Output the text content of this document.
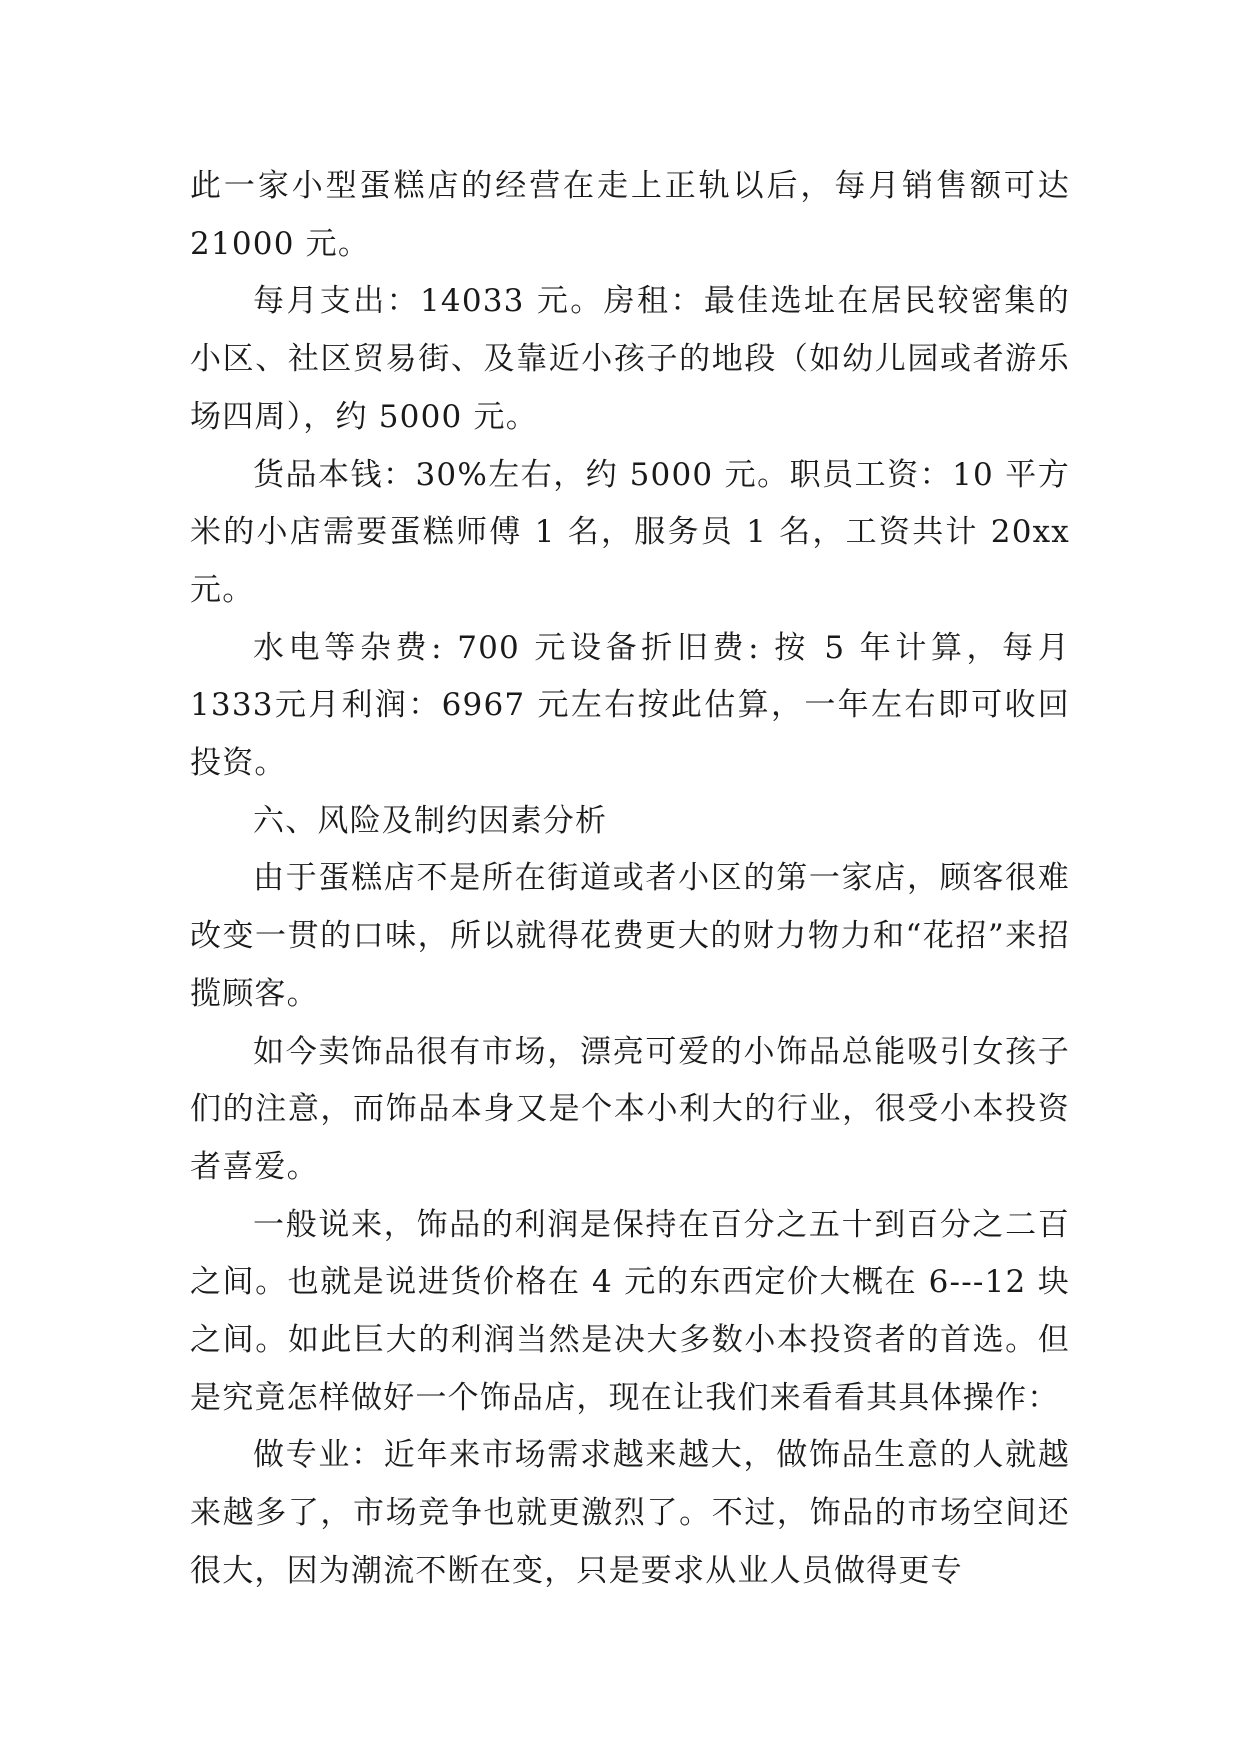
此一家小型蛋糕店的经营在走上正轨以后，每月销售额可达21000 元。

每月支出：14033 元。房租：最佳选址在居民较密集的小区、社区贸易街、及靠近小孩子的地段（如幼儿园或者游乐场四周），约 5000 元。

货品本钱：30%左右，约 5000 元。职员工资：10 平方米的小店需要蛋糕师傅 1 名，服务员 1 名，工资共计 20xx 元。

水电等杂费: 700 元设备折旧费: 按 5 年计算，每月 1333元月利润：6967 元左右按此估算，一年左右即可收回投资。

六、风险及制约因素分析

由于蛋糕店不是所在街道或者小区的第一家店，顾客很难改变一贯的口味，所以就得花费更大的财力物力和“花招”来招揽顾客。

如今卖饰品很有市场，漂亮可爱的小饰品总能吸引女孩子们的注意，而饰品本身又是个本小利大的行业，很受小本投资者喜爱。

一般说来，饰品的利润是保持在百分之五十到百分之二百之间。也就是说进货价格在 4 元的东西定价大概在 6---12 块之间。如此巨大的利润当然是决大多数小本投资者的首选。但是究竟怎样做好一个饰品店，现在让我们来看看其具体操作：

做专业：近年来市场需求越来越大，做饰品生意的人就越来越多了，市场竞争也就更激烈了。不过，饰品的市场空间还很大，因为潮流不断在变，只是要求从业人员做得更专
